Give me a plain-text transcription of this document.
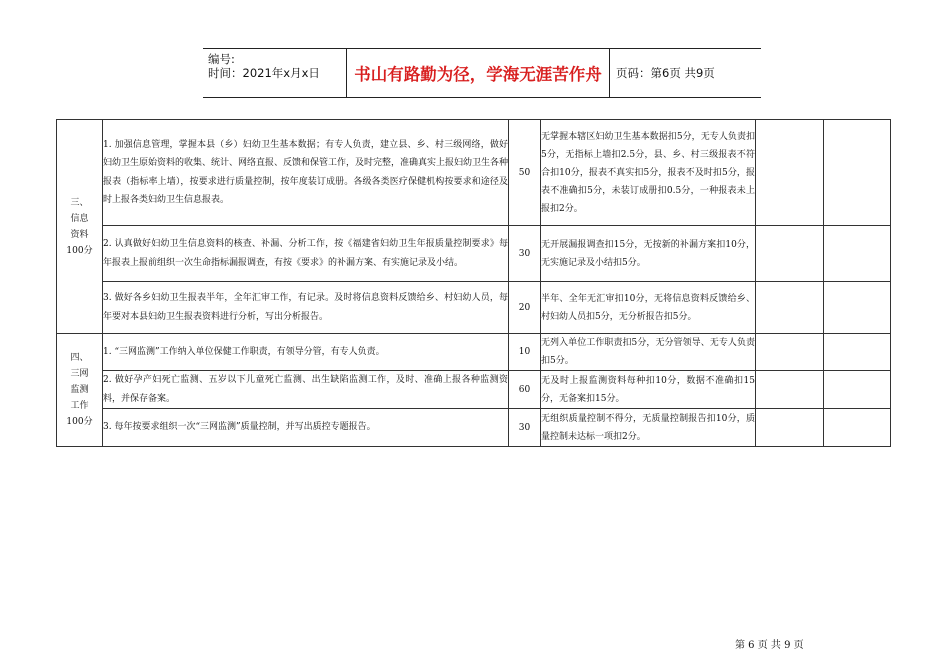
编号:
时间：2021年x月x日	书山有路勤为径，学海无涯苦作舟	页码：第6页 共9页
三、
信息
资料
100分	1. 加强信息管理，掌握本县（乡）妇幼卫生基本数据；有专人负责，建立县、乡、村三级网络，做好妇幼卫生原始资料的收集、统计、网络直报、反馈和保管工作，及时完整，准确真实上报妇幼卫生各种报表（指标率上墙），按要求进行质量控制，按年度装订成册。各级各类医疗保健机构按要求和途径及时上报各类妇幼卫生信息报表。	50	无掌握本辖区妇幼卫生基本数据扣5分，无专人负责扣5分，无指标上墙扣2.5分，县、乡、村三级报表不符合扣10分，报表不真实扣5分，报表不及时扣5分，报表不准确扣5分，未装订成册扣0.5分，一种报表未上报扣2分。		
	2. 认真做好妇幼卫生信息资料的核查、补漏、分析工作，按《福建省妇幼卫生年报质量控制要求》每年报表上报前组织一次生命指标漏报调查，有按《要求》的补漏方案、有实施记录及小结。	30	无开展漏报调查扣15分，无按新的补漏方案扣10分，无实施记录及小结扣5分。		
	3. 做好各乡妇幼卫生报表半年，全年汇审工作，有记录。及时将信息资料反馈给乡、村妇幼人员，每年要对本县妇幼卫生报表资料进行分析，写出分析报告。	20	半年、全年无汇审扣10分，无将信息资料反馈给乡、村妇幼人员扣5分，无分析报告扣5分。		

四、
三网
监测
工作
100分	1. “三网监测”工作纳入单位保健工作职责，有领导分管，有专人负责。	10	无列入单位工作职责扣5分，无分管领导、无专人负责扣5分。		
	2. 做好孕产妇死亡监测、五岁以下儿童死亡监测、出生缺陷监测工作，及时、准确上报各种监测资料，并保存备案。	60	无及时上报监测资料每种扣10分，数据不准确扣15分，无备案扣15分。		
	3. 每年按要求组织一次“三网监测”质量控制，并写出质控专题报告。	30	无组织质量控制不得分，无质量控制报告扣10分，质量控制未达标一项扣2分。		
第 6 页 共 9 页
